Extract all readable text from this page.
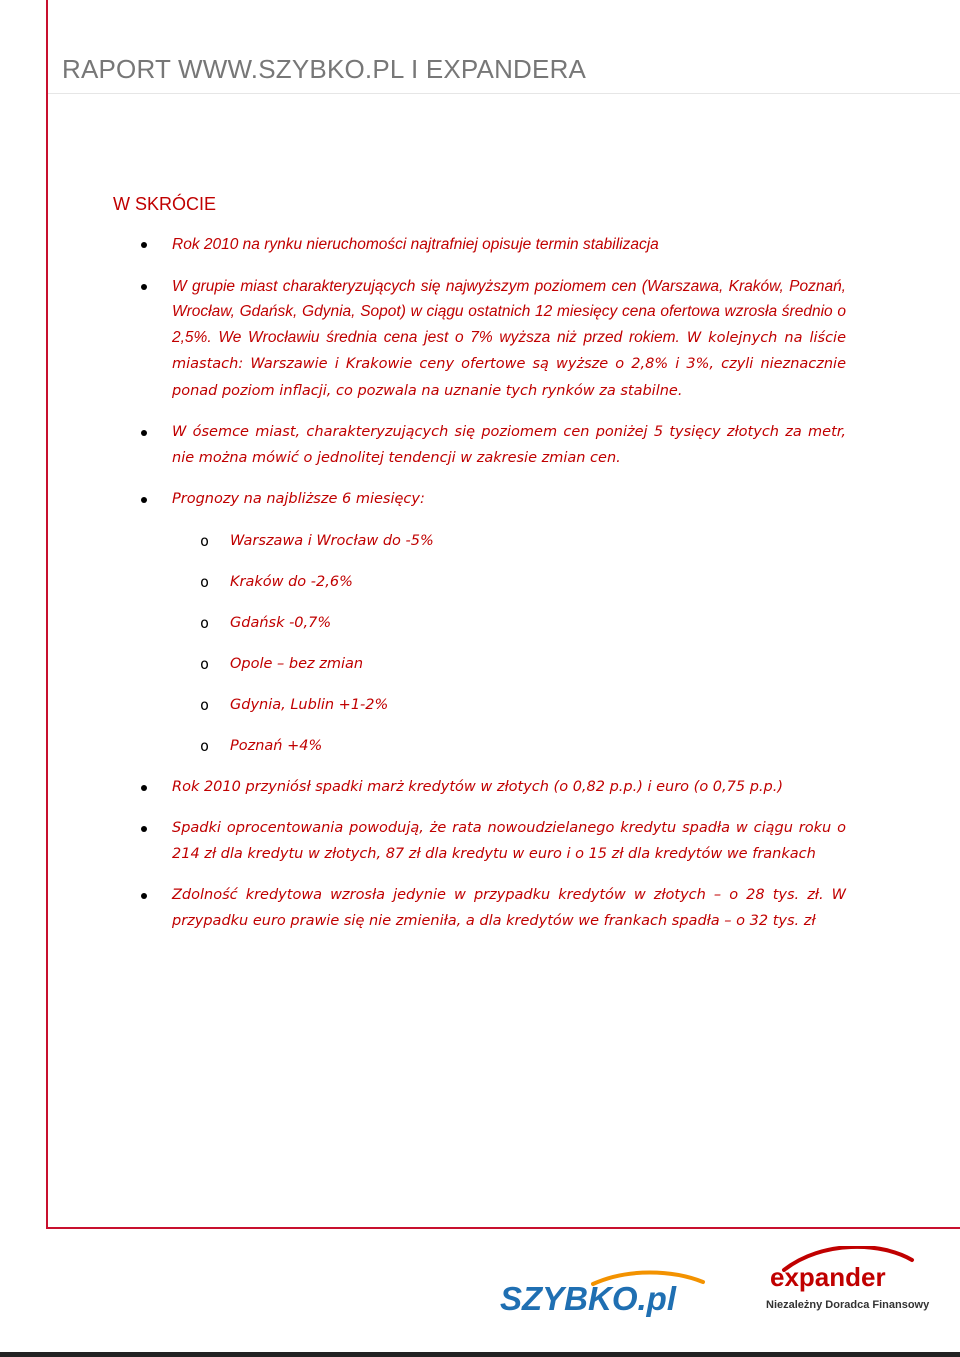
RAPORT WWW.SZYBKO.PL I EXPANDERA
W SKRÓCIE

Rok 2010 na rynku nieruchomości najtrafniej opisuje termin stabilizacja

W grupie miast charakteryzujących się najwyższym poziomem cen (Warszawa, Kraków, Poznań, Wrocław, Gdańsk, Gdynia, Sopot) w ciągu ostatnich 12 miesięcy cena ofertowa wzrosła średnio o 2,5%. We Wrocławiu średnia cena jest o 7% wyższa niż przed rokiem. W kolejnych na liście miastach: Warszawie i Krakowie ceny ofertowe są wyższe o 2,8% i 3%, czyli nieznacznie ponad poziom inflacji, co pozwala na uznanie tych rynków za stabilne.

W ósemce miast, charakteryzujących się poziomem cen poniżej 5 tysięcy złotych za metr, nie można mówić o jednolitej tendencji w zakresie zmian cen.

Prognozy na najbliższe 6 miesięcy:

o Warszawa i Wrocław do -5%
o Kraków do -2,6%
o Gdańsk -0,7%
o Opole – bez zmian
o Gdynia, Lublin +1-2%
o Poznań +4%

Rok 2010 przyniósł spadki marż kredytów w złotych (o 0,82 p.p.) i euro (o 0,75 p.p.)

Spadki oprocentowania powodują, że rata nowoudzielanego kredytu spadła w ciągu roku o 214 zł dla kredytu w złotych, 87 zł dla kredytu w euro i o 15 zł dla kredytów we frankach

Zdolność kredytowa wzrosła jedynie w przypadku kredytów w złotych – o 28 tys. zł. W przypadku euro prawie się nie zmieniła, a dla kredytów we frankach spadła – o 32 tys. zł

SZYBKO.pl
expander
Niezależny Doradca Finansowy
